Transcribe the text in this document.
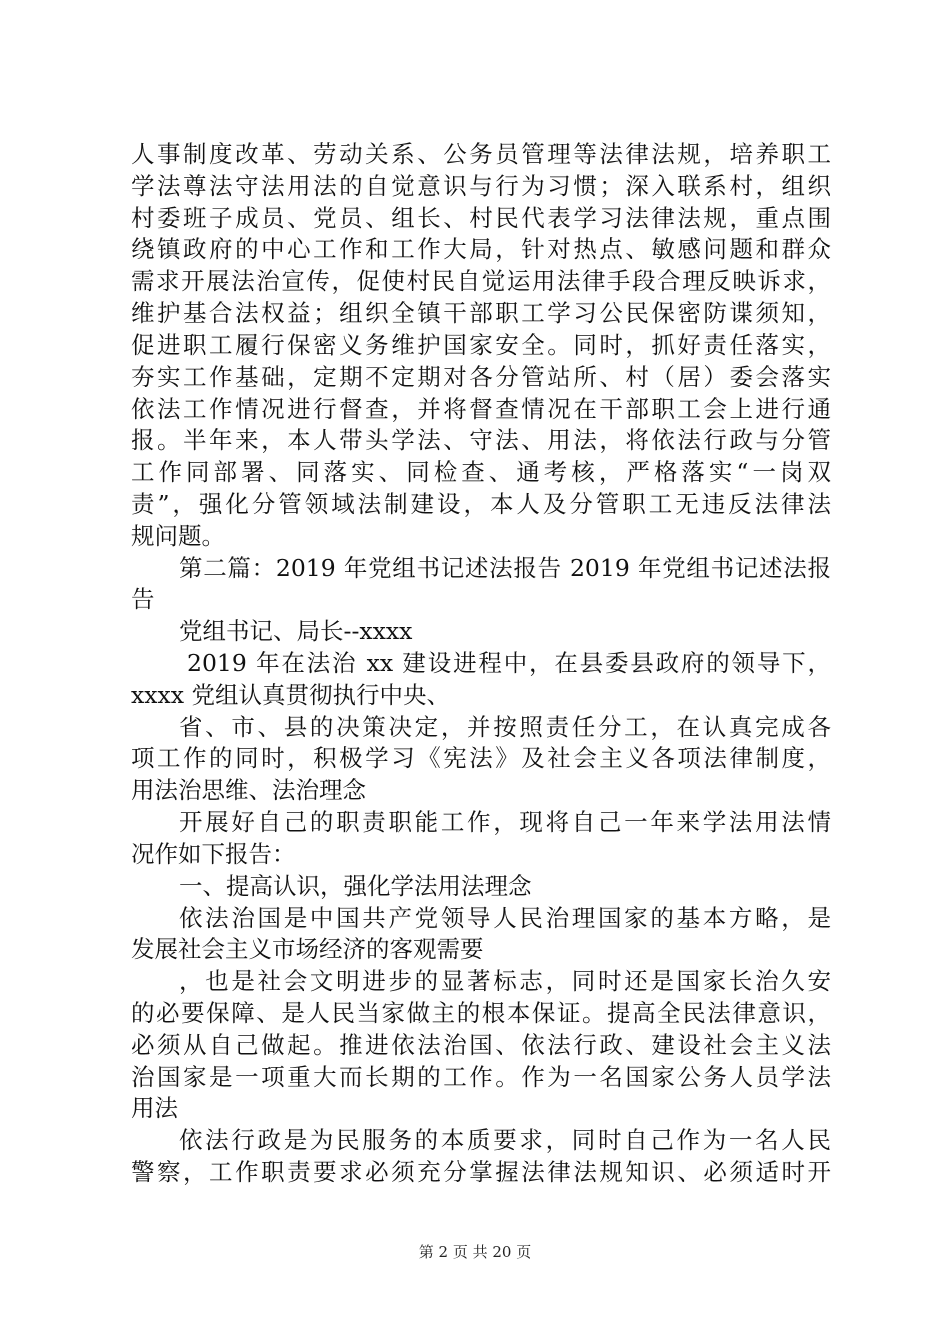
人事制度改革、劳动关系、公务员管理等法律法规，培养职工
学法尊法守法用法的自觉意识与行为习惯；深入联系村，组织
村委班子成员、党员、组长、村民代表学习法律法规，重点围
绕镇政府的中心工作和工作大局，针对热点、敏感问题和群众
需求开展法治宣传，促使村民自觉运用法律手段合理反映诉求，
维护基合法权益；组织全镇干部职工学习公民保密防谍须知，
促进职工履行保密义务维护国家安全。同时，抓好责任落实，
夯实工作基础，定期不定期对各分管站所、村（居）委会落实
依法工作情况进行督查，并将督查情况在干部职工会上进行通
报。半年来，本人带头学法、守法、用法，将依法行政与分管
工作同部署、同落实、同检查、通考核，严格落实“一岗双
责”，强化分管领域法制建设，本人及分管职工无违反法律法
规问题。
第二篇：2019 年党组书记述法报告 2019 年党组书记述法报
告
党组书记、局长--xxxx
2019 年在法治 xx 建设进程中，在县委县政府的领导下，
xxxx 党组认真贯彻执行中央、
省、市、县的决策决定，并按照责任分工，在认真完成各
项工作的同时，积极学习《宪法》及社会主义各项法律制度，
用法治思维、法治理念
开展好自己的职责职能工作，现将自己一年来学法用法情
况作如下报告：
一、提高认识，强化学法用法理念
依法治国是中国共产党领导人民治理国家的基本方略，是
发展社会主义市场经济的客观需要
，也是社会文明进步的显著标志，同时还是国家长治久安
的必要保障、是人民当家做主的根本保证。提高全民法律意识，
必须从自己做起。推进依法治国、依法行政、建设社会主义法
治国家是一项重大而长期的工作。作为一名国家公务人员学法
用法
依法行政是为民服务的本质要求，同时自己作为一名人民
警察，工作职责要求必须充分掌握法律法规知识、必须适时开
第 2 页 共 20 页
